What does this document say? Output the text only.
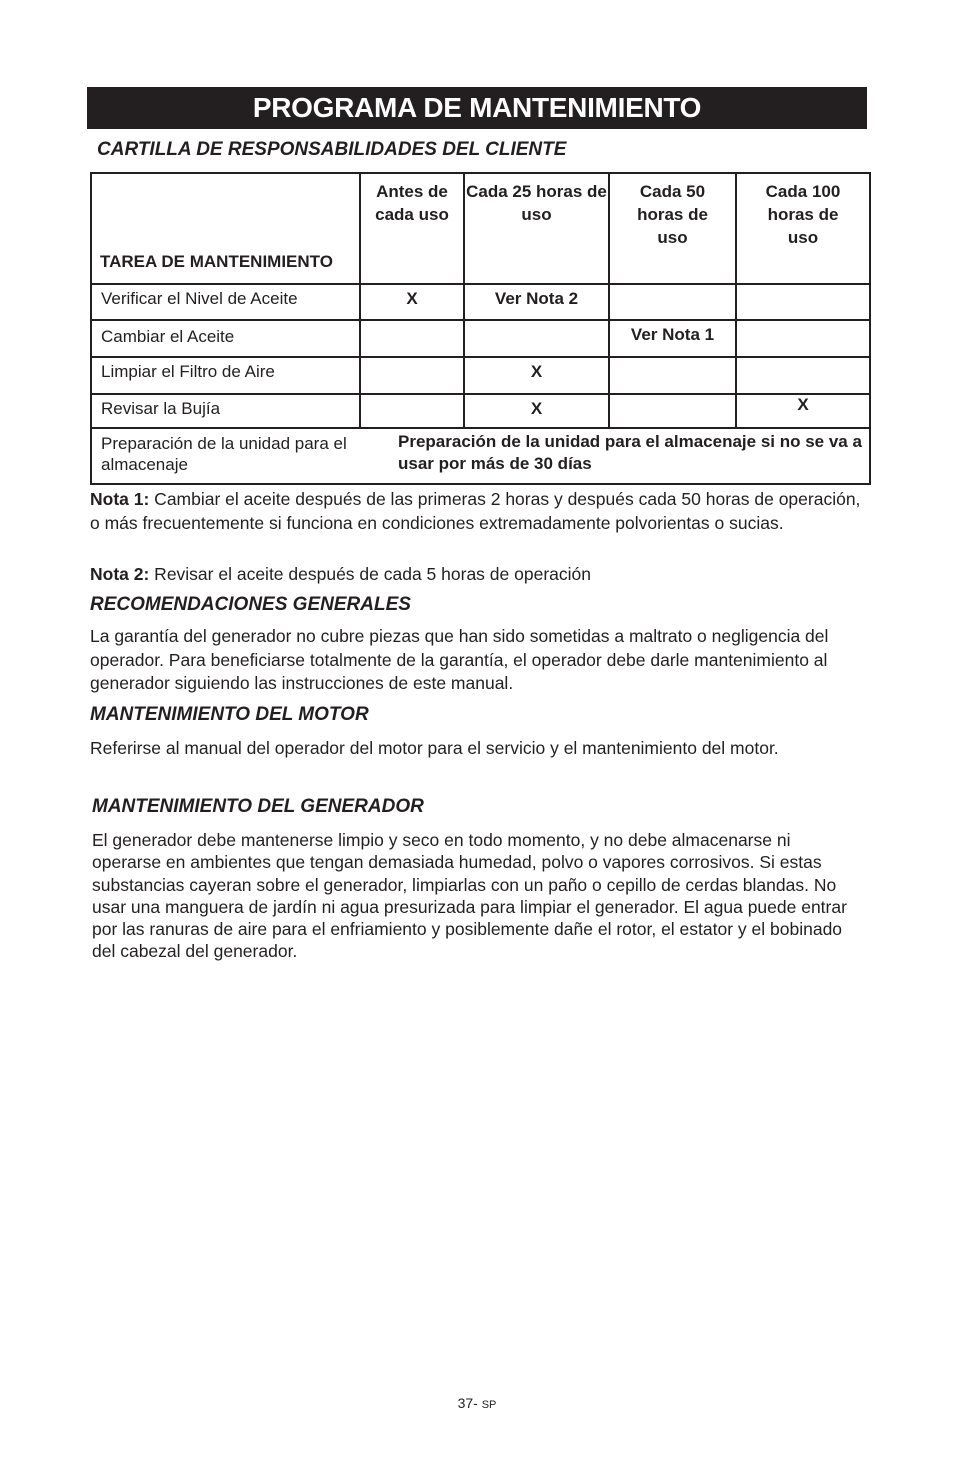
PROGRAMA DE MANTENIMIENTO
CARTILLA DE RESPONSABILIDADES DEL CLIENTE
TAREA DE MANTENIMIENTO	Antes de cada uso	Cada 25 horas de uso	Cada 50 horas de uso	Cada 100 horas de uso
Verificar el Nivel de Aceite	X	Ver Nota 2		
Cambiar el Aceite			Ver Nota 1	
Limpiar el Filtro de Aire		X		
Revisar la Bujía		X		X
Preparación de la unidad para el almacenaje	Preparación de la unidad para el almacenaje si no se va a usar por más de 30 días			
Nota 1: Cambiar el aceite después de las primeras 2 horas y después cada 50 horas de operación, o más frecuentemente si funciona en condiciones extremadamente polvorientas o sucias.
Nota 2: Revisar el aceite después de cada 5 horas de operación
RECOMENDACIONES GENERALES
La garantía del generador no cubre piezas que han sido sometidas a maltrato o negligencia del operador. Para beneficiarse totalmente de la garantía, el operador debe darle mantenimiento al generador siguiendo las instrucciones de este manual.
MANTENIMIENTO DEL MOTOR
Referirse al manual del operador del motor para el servicio y el mantenimiento del motor.
MANTENIMIENTO DEL GENERADOR
El generador debe mantenerse limpio y seco en todo momento, y no debe almacenarse ni operarse en ambientes que tengan demasiada humedad, polvo o vapores corrosivos. Si estas substancias cayeran sobre el generador, limpiarlas con un paño o cepillo de cerdas blandas. No usar una manguera de jardín ni agua presurizada para limpiar el generador. El agua puede entrar por las ranuras de aire para el enfriamiento y posiblemente dañe el rotor, el estator y el bobinado del cabezal del generador.
37- SP
